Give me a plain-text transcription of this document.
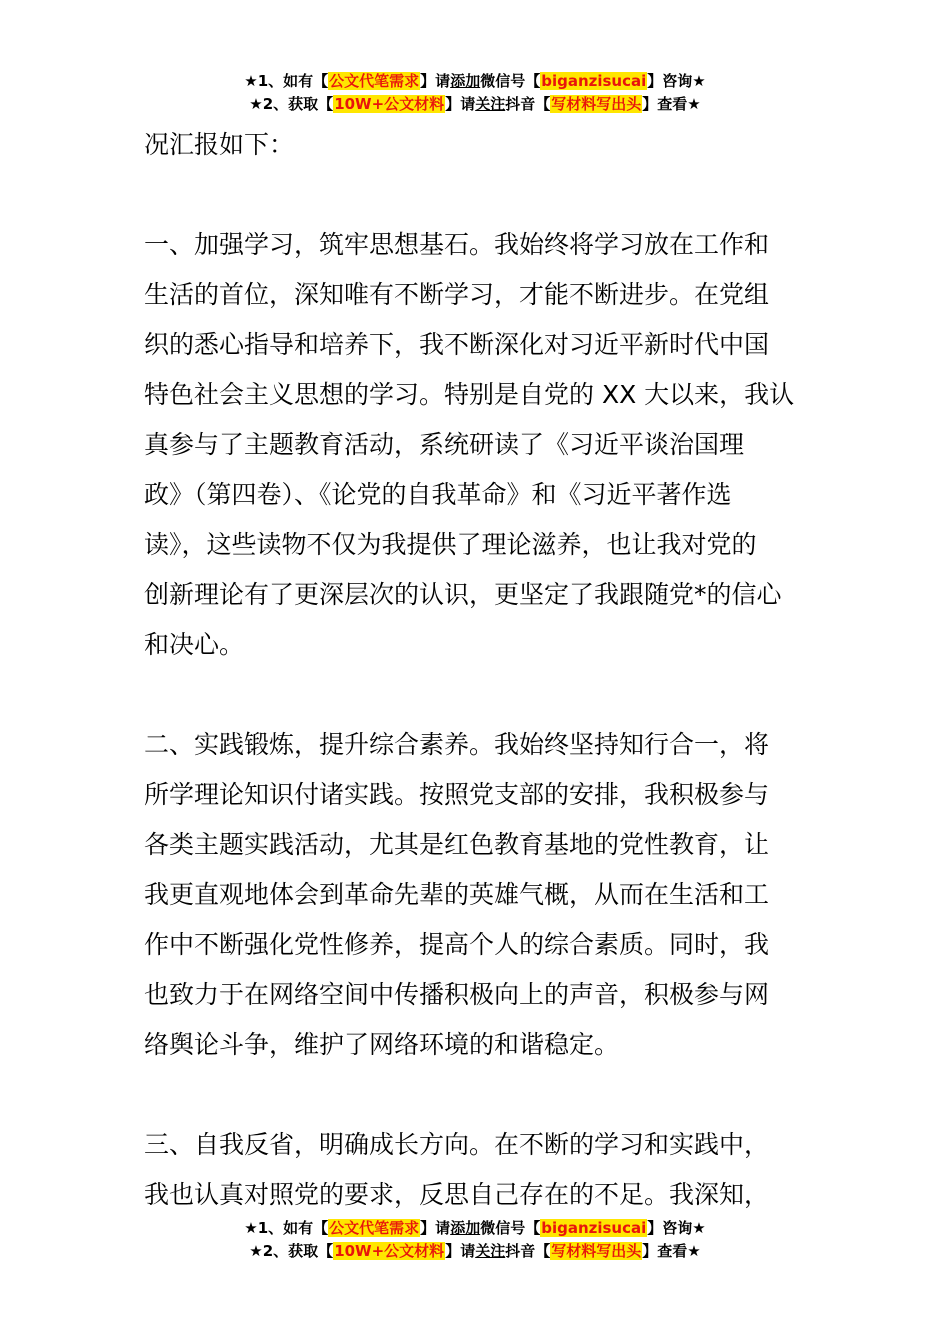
★1、如有【公文代笔需求】请添加微信号【biganzisucai】咨询★
★2、获取【10W+公文材料】请关注抖音【写材料写出头】查看★

况汇报如下：

一、加强学习，筑牢思想基石。我始终将学习放在工作和

生活的首位，深知唯有不断学习，才能不断进步。在党组

织的悉心指导和培养下，我不断深化对习近平新时代中国

特色社会主义思想的学习。特别是自党的 XX 大以来，我认

真参与了主题教育活动，系统研读了《习近平谈治国理

政》（第四卷）、《论党的自我革命》和《习近平著作选

读》，这些读物不仅为我提供了理论滋养，也让我对党的

创新理论有了更深层次的认识，更坚定了我跟随党*的信心

和决心。

二、实践锻炼，提升综合素养。我始终坚持知行合一，将

所学理论知识付诸实践。按照党支部的安排，我积极参与

各类主题实践活动，尤其是红色教育基地的党性教育，让

我更直观地体会到革命先辈的英雄气概，从而在生活和工

作中不断强化党性修养，提高个人的综合素质。同时，我

也致力于在网络空间中传播积极向上的声音，积极参与网

络舆论斗争，维护了网络环境的和谐稳定。

三、自我反省，明确成长方向。在不断的学习和实践中，

我也认真对照党的要求，反思自己存在的不足。我深知，

★1、如有【公文代笔需求】请添加微信号【biganzisucai】咨询★
★2、获取【10W+公文材料】请关注抖音【写材料写出头】查看★
